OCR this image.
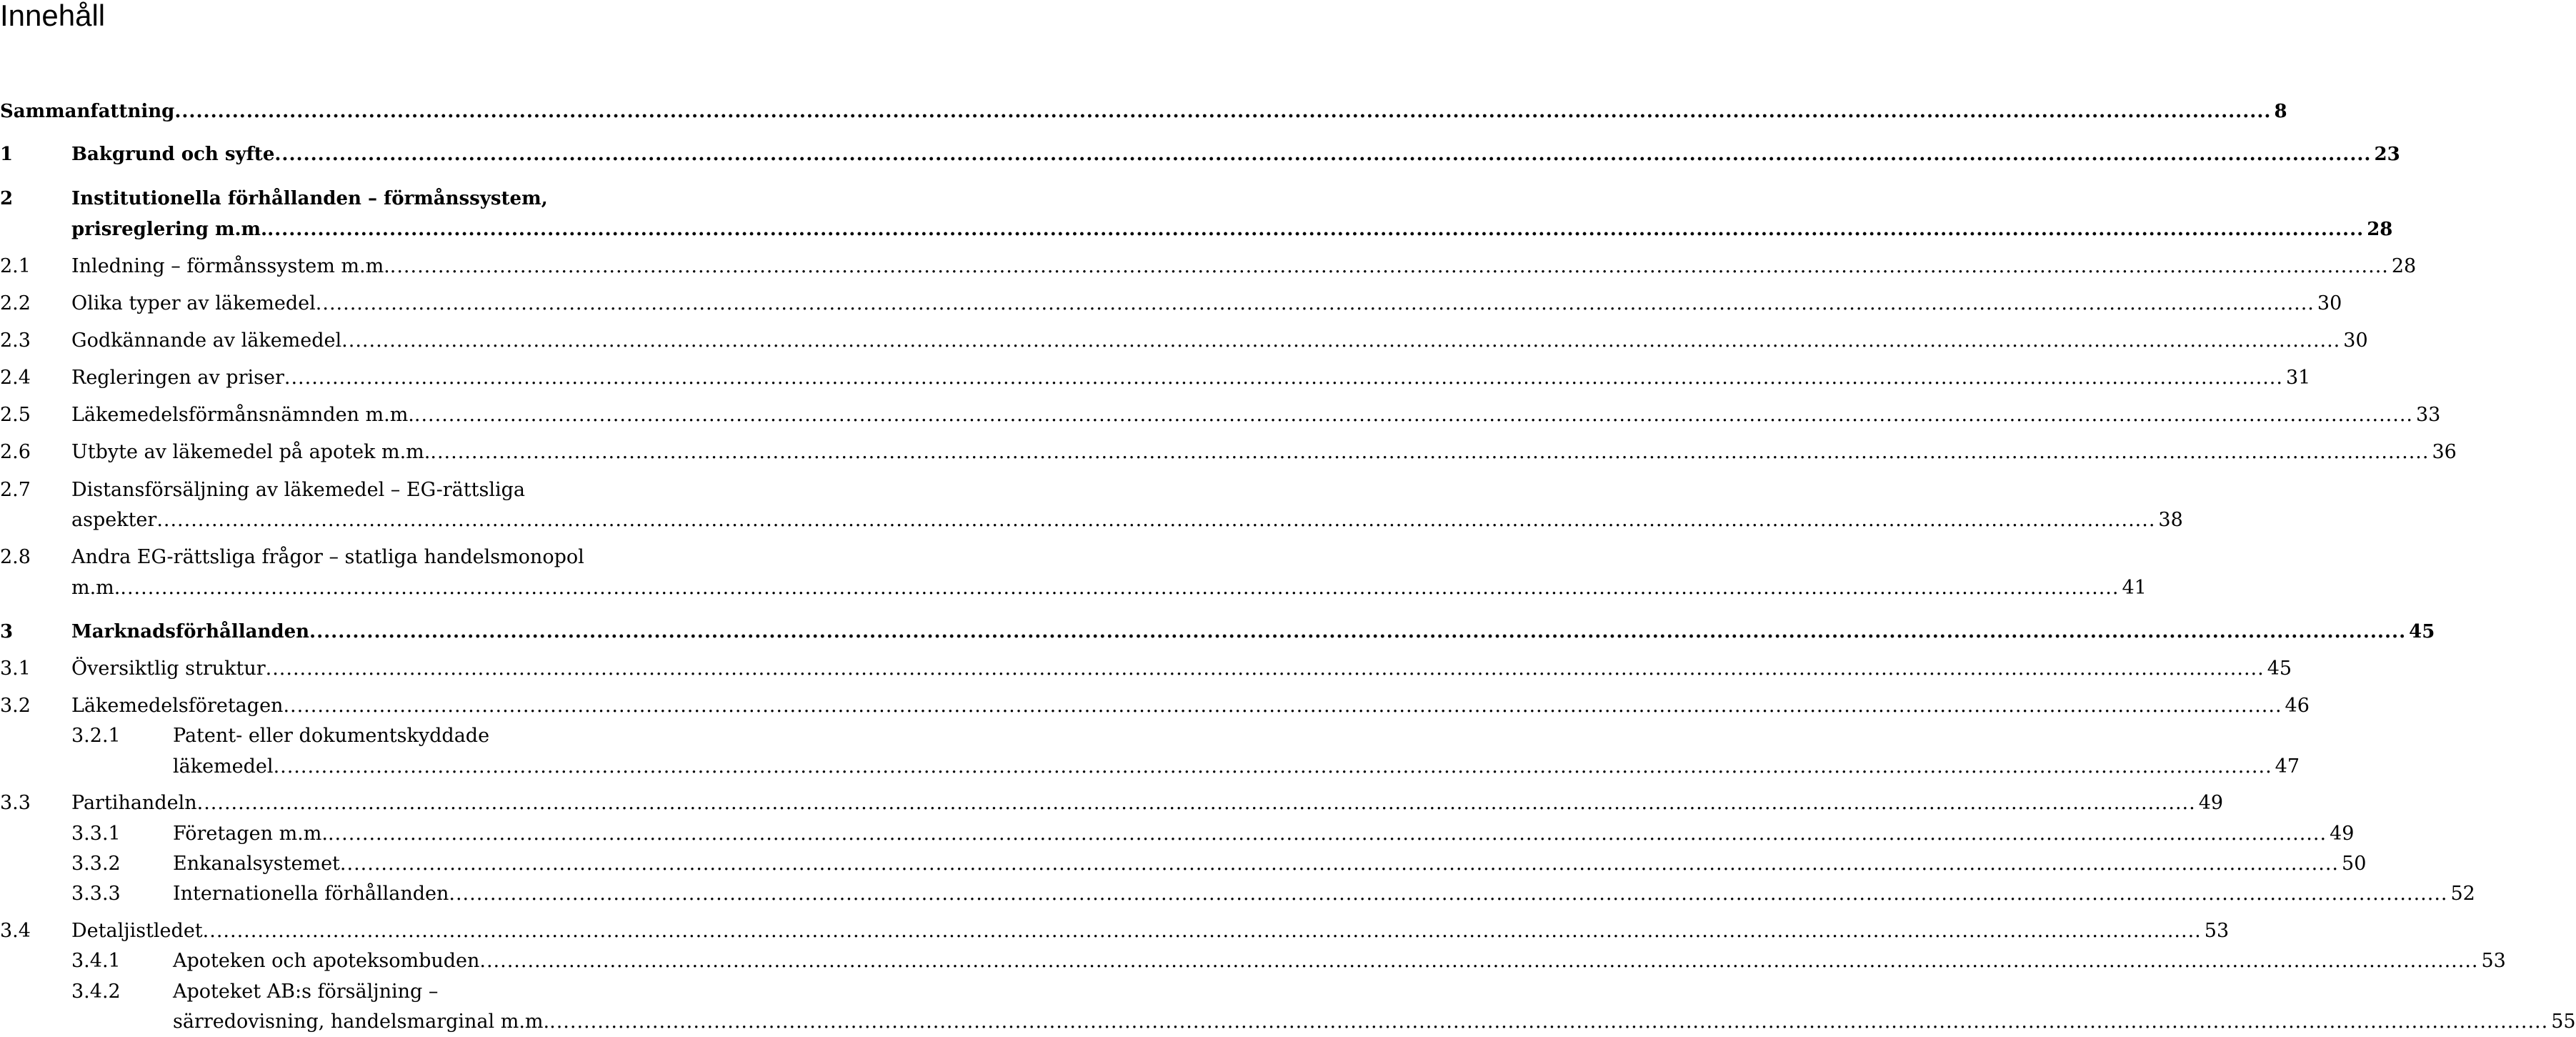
Innehåll
Sammanfattning .................................................................................................................................................................................................................................................................................................... 8
1	Bakgrund och syfte .................................................................................................................................................................................................................................................................................................... 23
2	Institutionella förhållanden – förmånssystem,
prisreglering m.m. .................................................................................................................................................................................................................................................................................................... 28
2.1 Inledning – förmånssystem m.m. .................................................................................................................................................................................................................................................................................................... 28
2.2 Olika typer av läkemedel .................................................................................................................................................................................................................................................................................................... 30
2.3 Godkännande av läkemedel .................................................................................................................................................................................................................................................................................................... 30
2.4 Regleringen av priser .................................................................................................................................................................................................................................................................................................... 31
2.5 Läkemedelsförmånsnämnden m.m. .................................................................................................................................................................................................................................................................................................... 33
2.6 Utbyte av läkemedel på apotek m.m. .................................................................................................................................................................................................................................................................................................... 36
2.7 Distansförsäljning av läkemedel – EG-rättsliga
aspekter .................................................................................................................................................................................................................................................................................................... 38
2.8 Andra EG-rättsliga frågor – statliga handelsmonopol
m.m. .................................................................................................................................................................................................................................................................................................... 41
3	Marknadsförhållanden .................................................................................................................................................................................................................................................................................................... 45
3.1 Översiktlig struktur .................................................................................................................................................................................................................................................................................................... 45
3.2 Läkemedelsföretagen .................................................................................................................................................................................................................................................................................................... 46
3.2.1	Patent- eller dokumentskyddade
läkemedel .................................................................................................................................................................................................................................................................................................... 47
3.3 Partihandeln .................................................................................................................................................................................................................................................................................................... 49
3.3.1	Företagen m.m. .................................................................................................................................................................................................................................................................................................... 49
3.3.2	Enkanalsystemet .................................................................................................................................................................................................................................................................................................... 50
3.3.3	Internationella förhållanden .................................................................................................................................................................................................................................................................................................... 52
3.4 Detaljistledet .................................................................................................................................................................................................................................................................................................... 53
3.4.1	Apoteken och apoteksombuden .................................................................................................................................................................................................................................................................................................... 53
3.4.2	Apoteket AB:s försäljning –
särredovisning, handelsmarginal m.m. .................................................................................................................................................................................................................................................................................................... 55
